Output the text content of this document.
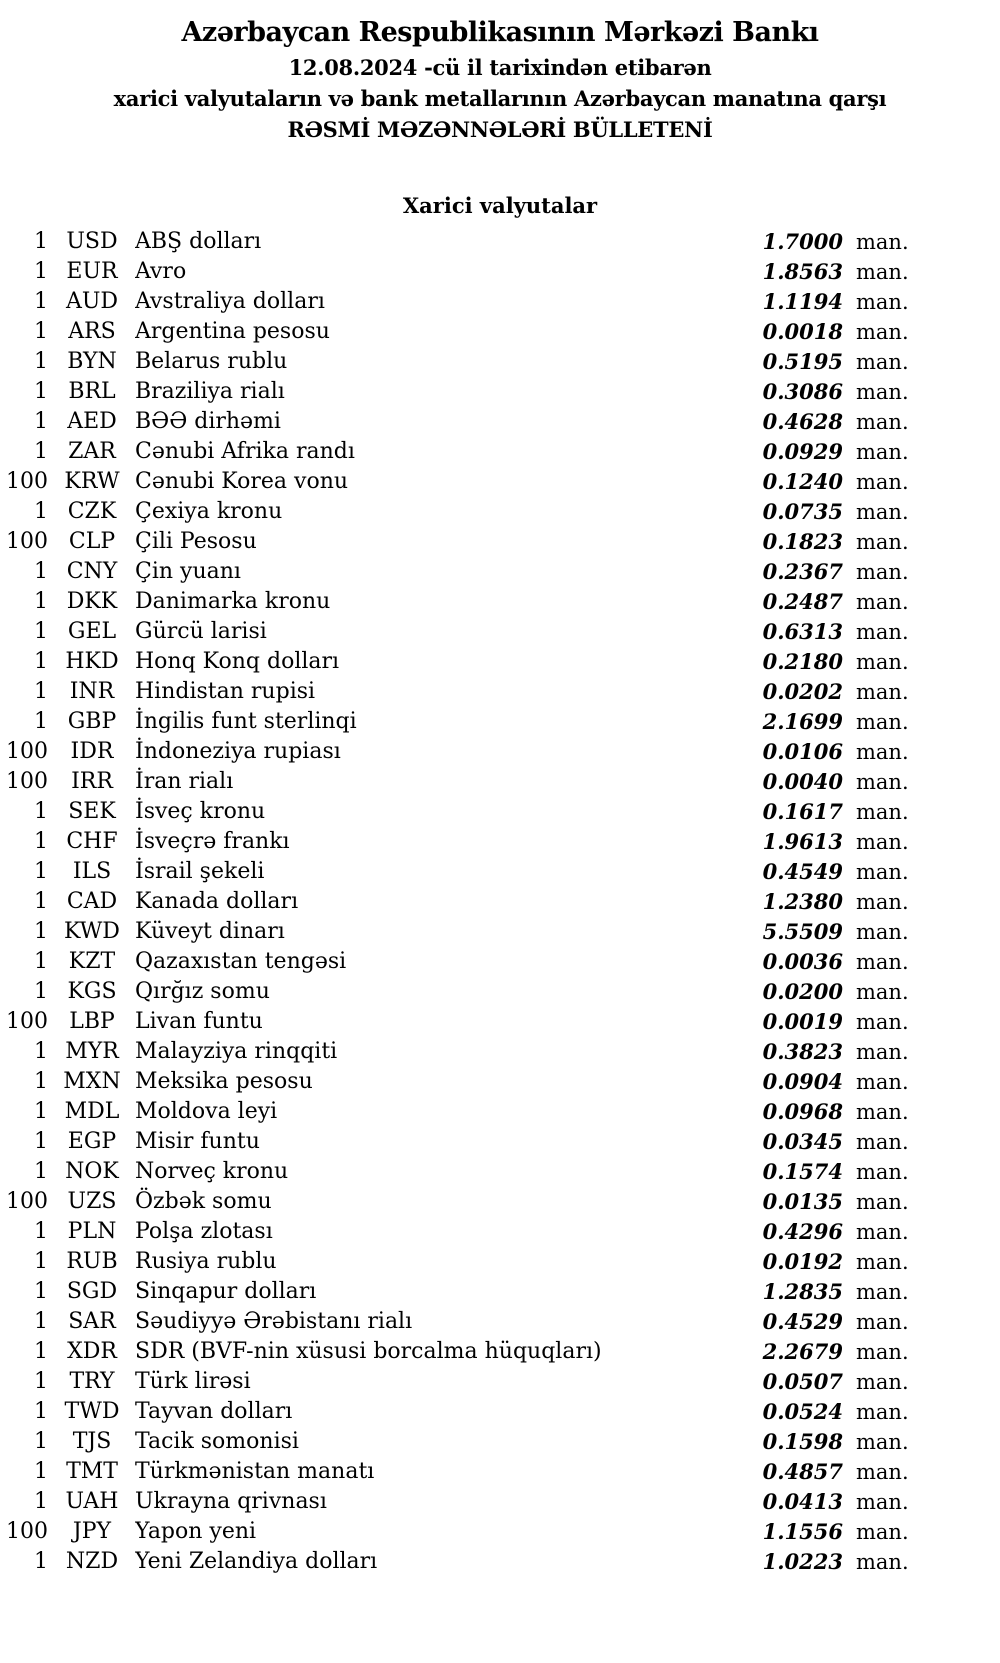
Azərbaycan Respublikasının Mərkəzi Bankı
12.08.2024 -cü il tarixindən etibarən
xarici valyutaların və bank metallarının Azərbaycan manatına qarşı
RƏSMİ MƏZƏNNƏLƏRİ BÜLLETENİ
Xarici valyutalar
1 USD ABŞ dolları	1.7000 man.
1 EUR Avro	1.8563 man.
1 AUD Avstraliya dolları	1.1194 man.
1 ARS Argentina pesosu	0.0018 man.
1 BYN Belarus rublu	0.5195 man.
1 BRL Braziliya rialı	0.3086 man.
1 AED BƏƏ dirhəmi	0.4628 man.
1 ZAR Cənubi Afrika randı	0.0929 man.
100 KRW Cənubi Korea vonu	0.1240 man.
1 CZK Çexiya kronu	0.0735 man.
100 CLP Çili Pesosu	0.1823 man.
1 CNY Çin yuanı	0.2367 man.
1 DKK Danimarka kronu	0.2487 man.
1 GEL Gürcü larisi	0.6313 man.
1 HKD Honq Konq dolları	0.2180 man.
1 INR Hindistan rupisi	0.0202 man.
1 GBP İngilis funt sterlinqi	2.1699 man.
100	IDR İndoneziya rupiası	0.0106 man.
100	IRR	İran rialı	0.0040 man.
1 SEK İsveç kronu	0.1617 man.
1 CHF İsveçrə frankı	1.9613 man.
1	ILS	İsrail şekeli	0.4549 man.
1 CAD Kanada dolları	1.2380 man.
1 KWD Küveyt dinarı	5.5509 man.
1 KZT Qazaxıstan tengəsi	0.0036 man.
1 KGS Qırğız somu	0.0200 man.
100 LBP Livan funtu	0.0019 man.
1 MYR Malayziya rinqqiti	0.3823 man.
1 MXN Meksika pesosu	0.0904 man.
1 MDL Moldova leyi	0.0968 man.
1 EGP Misir funtu	0.0345 man.
1 NOK Norveç kronu	0.1574 man.
100 UZS Özbək somu	0.0135 man.
1 PLN Polşa zlotası	0.4296 man.
1 RUB Rusiya rublu	0.0192 man.
1 SGD Sinqapur dolları	1.2835 man.
1 SAR Səudiyyə Ərəbistanı rialı	0.4529 man.
1 XDR SDR (BVF-nin xüsusi borcalma hüquqları)	2.2679 man.
1 TRY Türk lirəsi	0.0507 man.
1 TWD Tayvan dolları	0.0524 man.
1	TJS	Tacik somonisi	0.1598 man.
1 TMT Türkmənistan manatı	0.4857 man.
1 UAH Ukrayna qrivnası	0.0413 man.
100	JPY	Yapon yeni	1.1556 man.
1 NZD Yeni Zelandiya dolları	1.0223 man.
